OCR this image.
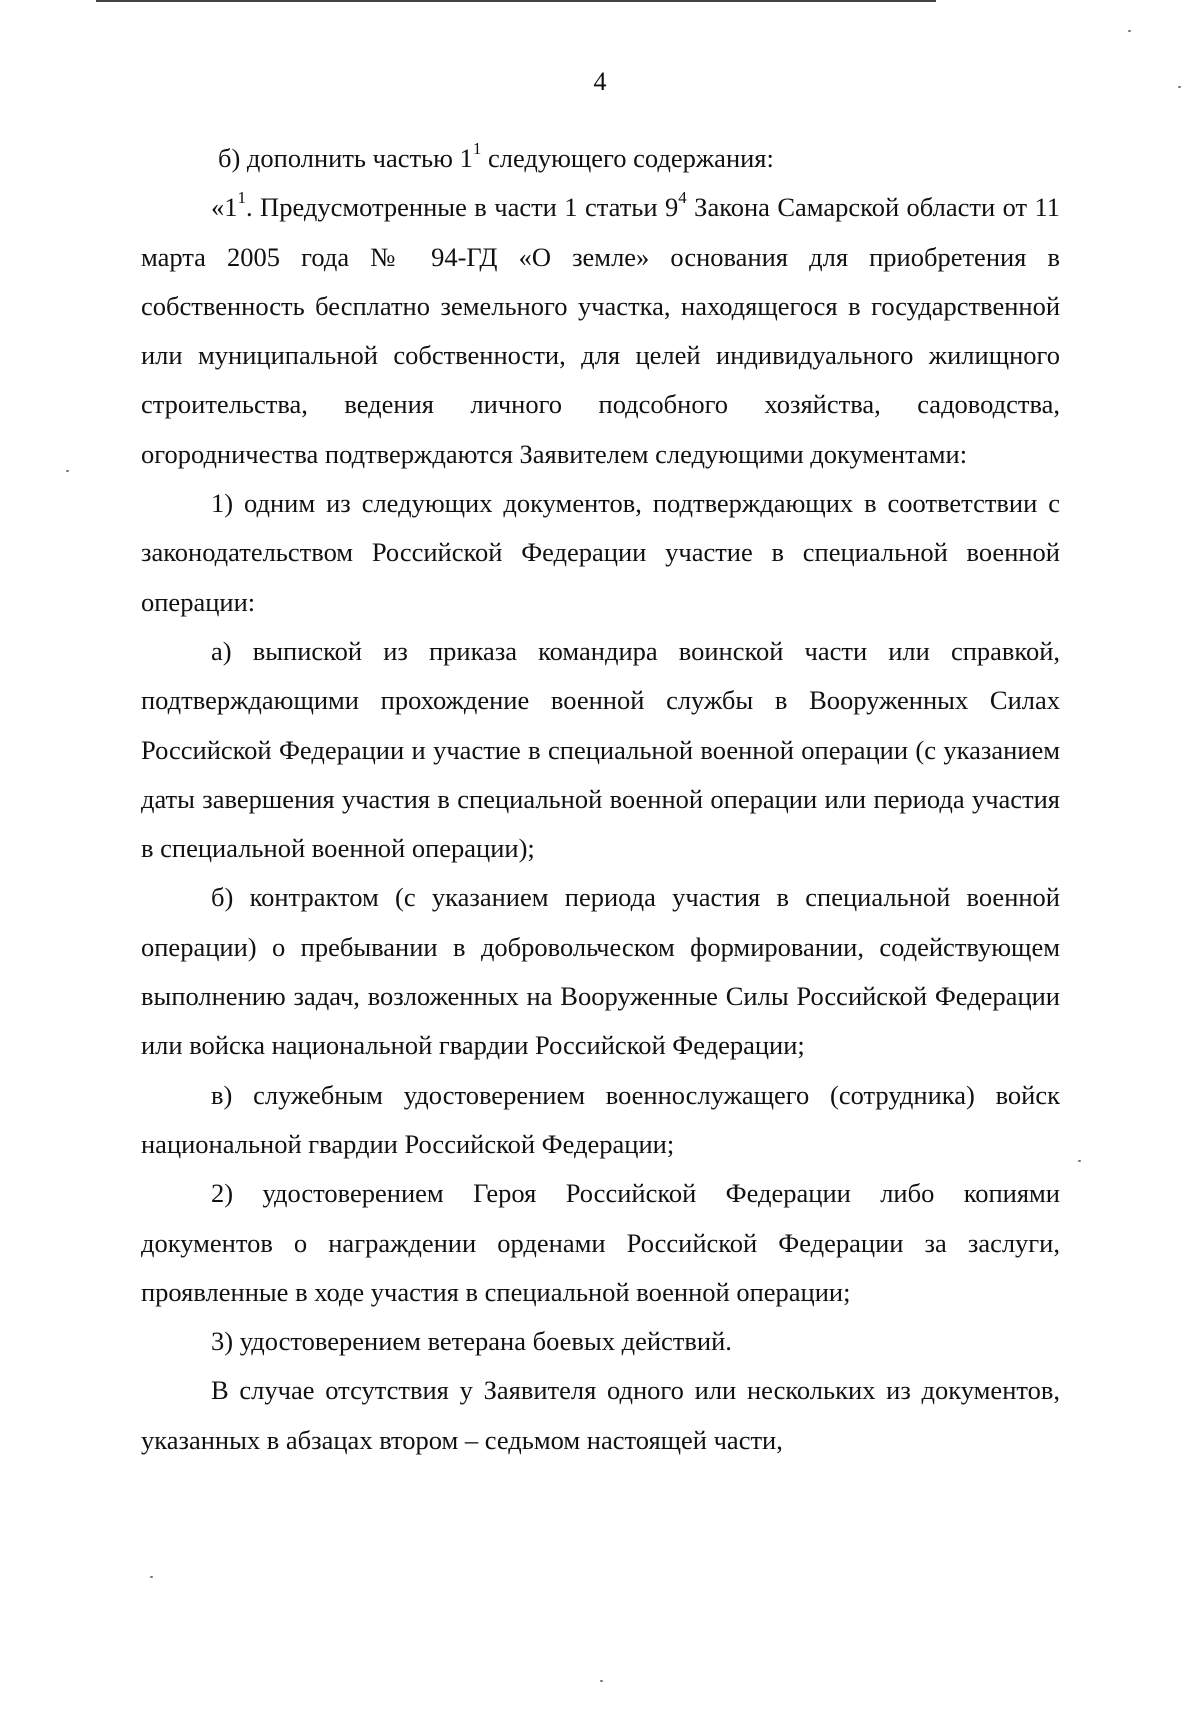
4

б) дополнить частью $1^1$ следующего содержания:

«$1^1$. Предусмотренные в части 1 статьи $9^4$ Закона Самарской области от 11 марта 2005 года № 94-ГД «О земле» основания для приобретения в собственность бесплатно земельного участка, находящегося в государственной или муниципальной собственности, для целей индивидуального жилищного строительства, ведения личного подсобного хозяйства, садоводства, огородничества подтверждаются Заявителем следующими документами:

1) одним из следующих документов, подтверждающих в соответствии с законодательством Российской Федерации участие в специальной военной операции:

а) выпиской из приказа командира воинской части или справкой, подтверждающими прохождение военной службы в Вооруженных Силах Российской Федерации и участие в специальной военной операции (с указанием даты завершения участия в специальной военной операции или периода участия в специальной военной операции);

б) контрактом (с указанием периода участия в специальной военной операции) о пребывании в добровольческом формировании, содействующем выполнению задач, возложенных на Вооруженные Силы Российской Федерации или войска национальной гвардии Российской Федерации;

в) служебным удостоверением военнослужащего (сотрудника) войск национальной гвардии Российской Федерации;

2) удостоверением Героя Российской Федерации либо копиями документов о награждении орденами Российской Федерации за заслуги, проявленные в ходе участия в специальной военной операции;

3) удостоверением ветерана боевых действий.

В случае отсутствия у Заявителя одного или нескольких из документов, указанных в абзацах втором – седьмом настоящей части,
